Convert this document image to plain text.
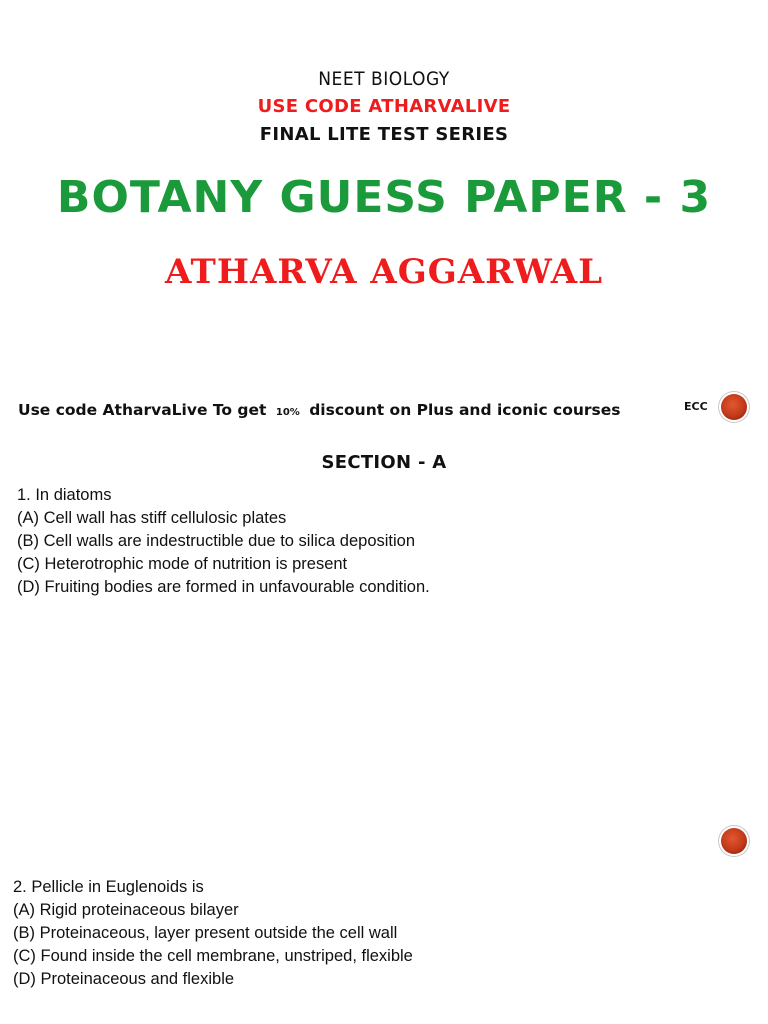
NEET BIOLOGY
USE CODE ATHARVALIVE
FINAL LITE TEST SERIES
BOTANY GUESS PAPER - 3
ATHARVA AGGARWAL
Use code AtharvaLive To get 10% discount on Plus and iconic courses	ECC
SECTION - A
1. In diatoms
(A) Cell wall has stiff cellulosic plates
(B) Cell walls are indestructible due to silica deposition
(C) Heterotrophic mode of nutrition is present
(D) Fruiting bodies are formed in unfavourable condition.
2. Pellicle in Euglenoids is
(A) Rigid proteinaceous bilayer
(B) Proteinaceous, layer present outside the cell wall
(C) Found inside the cell membrane, unstriped, flexible
(D) Proteinaceous and flexible
